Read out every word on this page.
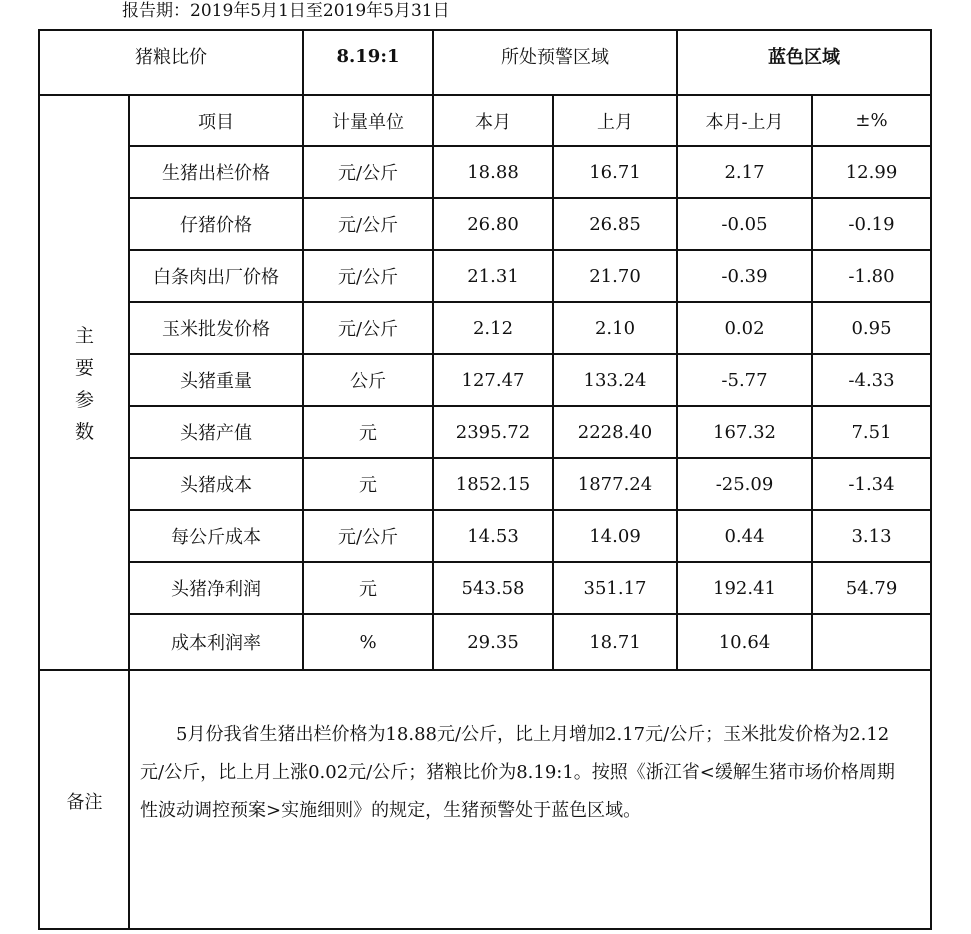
报告期：2019年5月1日至2019年5月31日
猪粮比价	8.19:1	所处预警区域	蓝色区域
主
要
参
数
项目	计量单位	本月	上月	本月-上月	±%
生猪出栏价格	元/公斤	18.88	16.71	2.17	12.99
仔猪价格	元/公斤	26.80	26.85	-0.05	-0.19
白条肉出厂价格	元/公斤	21.31	21.70	-0.39	-1.80
玉米批发价格	元/公斤	2.12	2.10	0.02	0.95
头猪重量	公斤	127.47	133.24	-5.77	-4.33
头猪产值	元	2395.72	2228.40	167.32	7.51
头猪成本	元	1852.15	1877.24	-25.09	-1.34
每公斤成本	元/公斤	14.53	14.09	0.44	3.13
头猪净利润	元	543.58	351.17	192.41	54.79
成本利润率	%	29.35	18.71	10.64
备注
5月份我省生猪出栏价格为18.88元/公斤，比上月增加2.17元/公斤；玉米批发价格为2.12元/公斤，比上月上涨0.02元/公斤；猪粮比价为8.19:1。按照《浙江省<缓解生猪市场价格周期性波动调控预案>实施细则》的规定，生猪预警处于蓝色区域。
